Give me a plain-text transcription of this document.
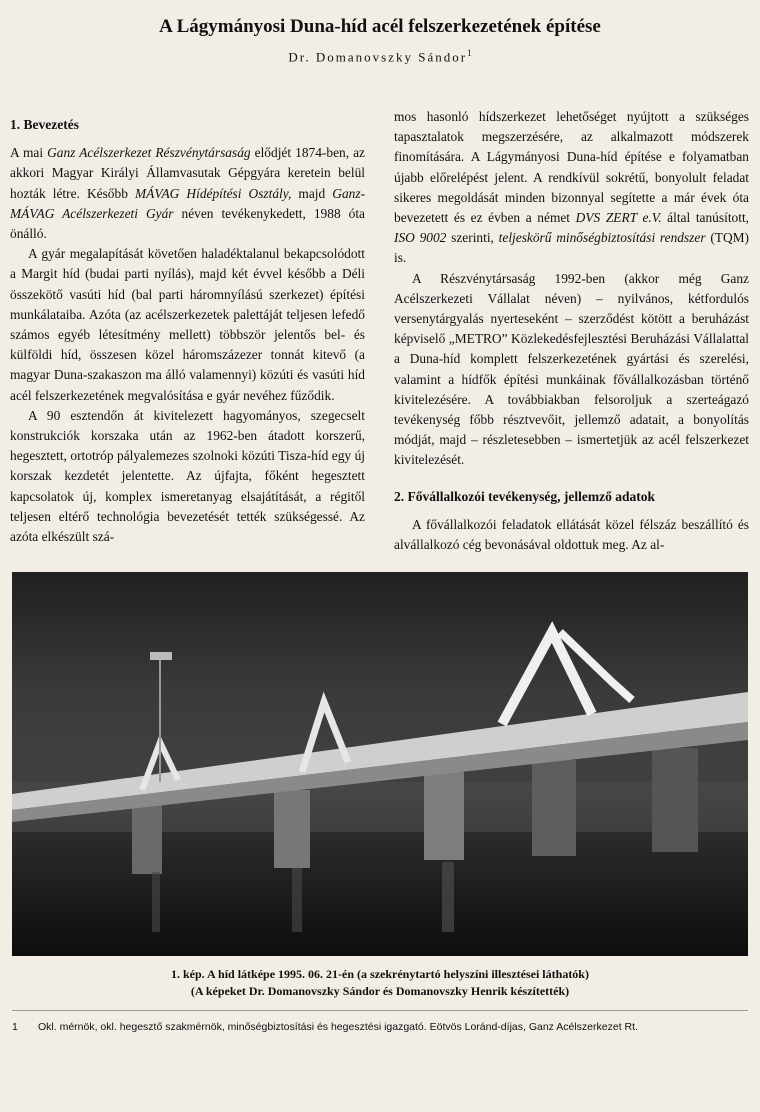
A Lágymányosi Duna-híd acél felszerkezetének építése
Dr. Domanovszky Sándor$^1$
1. Bevezetés

A mai Ganz Acélszerkezet Részvénytársaság elődjét 1874-ben, az akkori Magyar Királyi Államvasutak Gépgyára keretein belül hozták létre. Később MÁVAG Hídépítési Osztály, majd Ganz-MÁVAG Acélszerkezeti Gyár néven tevékenykedett, 1988 óta önálló.

A gyár megalapítását követően haladéktalanul bekapcsolódott a Margit híd (budai parti nyílás), majd két évvel később a Déli összekötő vasúti híd (bal parti háromnyílású szerkezet) építési munkálataiba. Azóta (az acélszerkezetek palettáját teljesen lefedő számos egyéb létesítmény mellett) többször jelentős bel- és külföldi híd, összesen közel háromszázezer tonnát kitevő (a magyar Duna-szakaszon ma álló valamennyi) közúti és vasúti híd acél felszerkezetének megvalósítása e gyár nevéhez fűződik.

A 90 esztendőn át kivitelezett hagyományos, szegecselt konstrukciók korszaka után az 1962-ben átadott korszerű, hegesztett, ortotróp pályalemezes szolnoki közúti Tisza-híd egy új korszak kezdetét jelentette. Az újfajta, főként hegesztett kapcsolatok új, komplex ismeretanyag elsajátítását, a régitől teljesen eltérő technológia bevezetését tették szükségessé. Az azóta elkészült szá-

mos hasonló hídszerkezet lehetőséget nyújtott a szükséges tapasztalatok megszerzésére, az alkalmazott módszerek finomítására. A Lágymányosi Duna-híd építése e folyamatban újabb előrelépést jelent. A rendkívül sokrétű, bonyolult feladat sikeres megoldását minden bizonnyal segítette a már évek óta bevezetett és ez évben a német DVS ZERT e.V. által tanúsított, ISO 9002 szerinti, teljeskörű minőségbiztosítási rendszer (TQM) is.

A Részvénytársaság 1992-ben (akkor még Ganz Acélszerkezeti Vállalat néven) – nyilvános, kétfordulós versenytárgyalás nyerteseként – szerződést kötött a beruházást képviselő „METRO” Közlekedésfejlesztési Beruházási Vállalattal a Duna-híd komplett felszerkezetének gyártási és szerelési, valamint a hídfők építési munkáinak fővállalkozásban történő kivitelezésére. A továbbiakban felsoroljuk a szerteágazó tevékenység főbb résztvevőit, jellemző adatait, a bonyolítás módját, majd – részletesebben – ismertetjük az acél felszerkezet kivitelezését.

2. Fővállalkozói tevékenység, jellemző adatok

A fővállalkozói feladatok ellátását közel félszáz beszállító és alvállalkozó cég bevonásával oldottuk meg. Az al-

1. kép. A híd látképe 1995. 06. 21-én (a szekrénytartó helyszíni illesztései láthatók)
(A képeket Dr. Domanovszky Sándor és Domanovszky Henrik készítették)
1 Okl. mérnök, okl. hegesztő szakmérnök, minőségbiztosítási és hegesztési igazgató. Eötvös Loránd-díjas, Ganz Acélszerkezet Rt.
